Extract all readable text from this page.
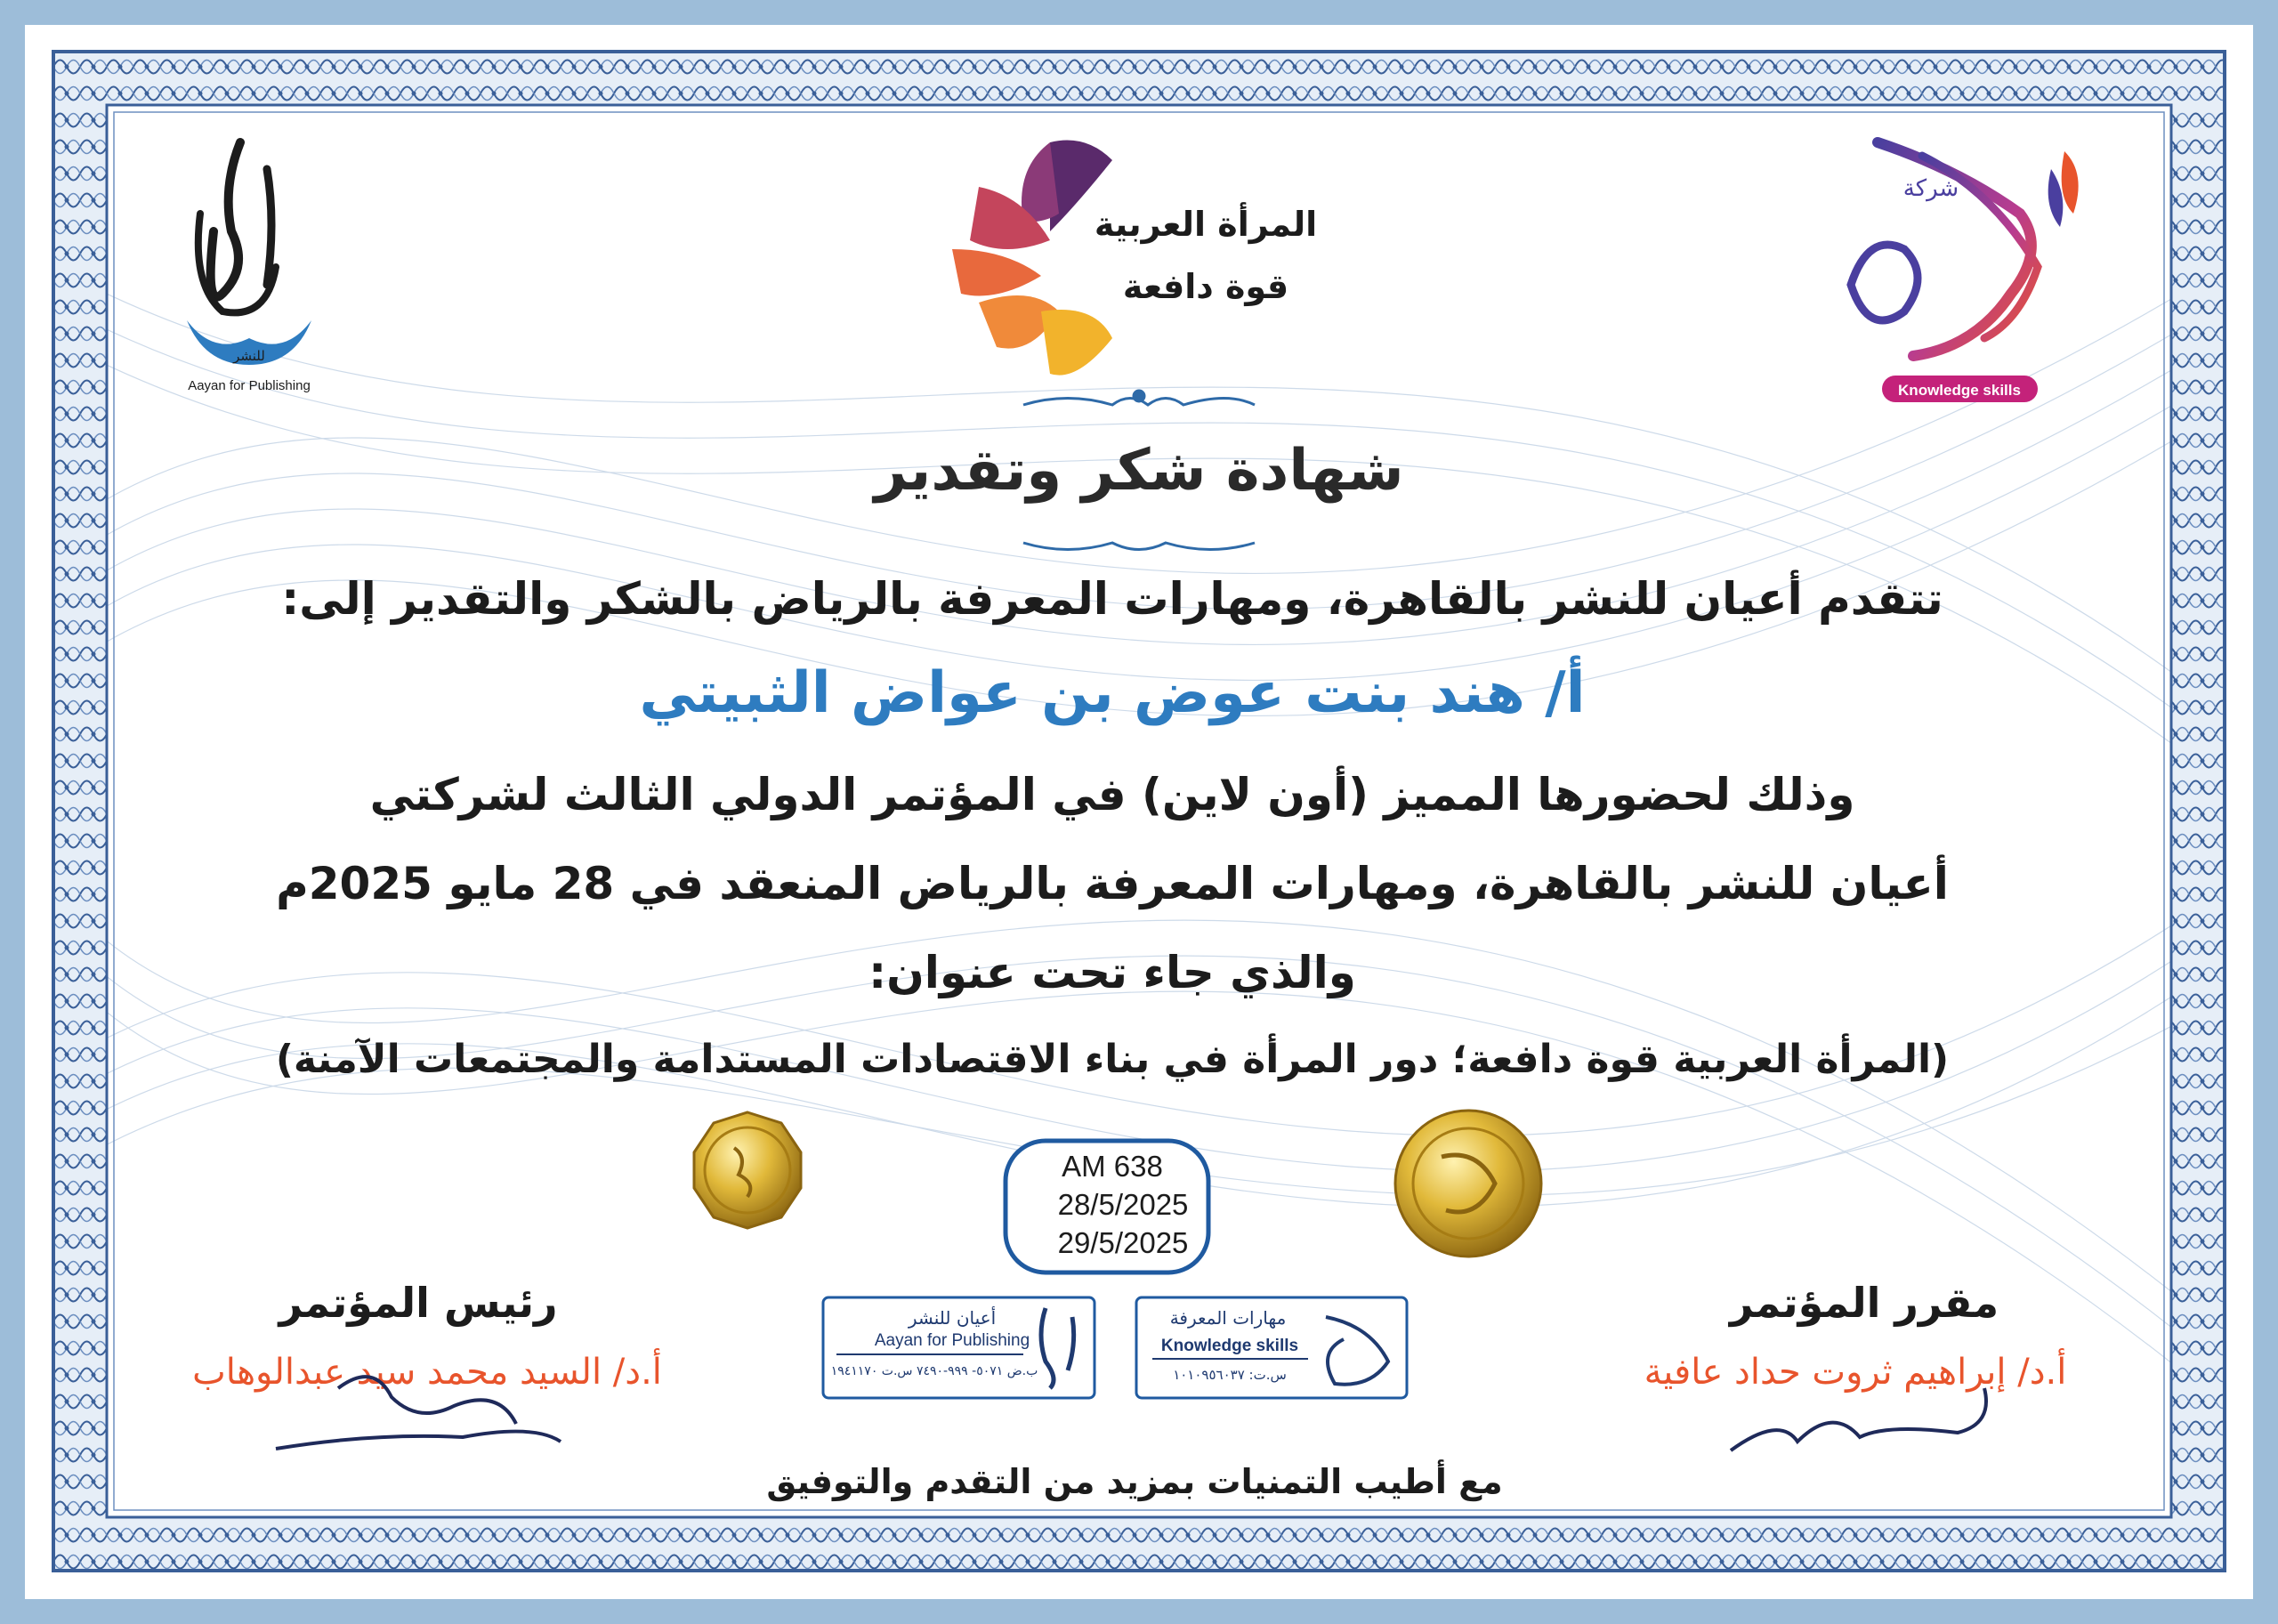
للنشر
Aayan for Publishing
المرأة العربية
قوة دافعة
شركة
Knowledge skills
شهادة شكر وتقدير
تتقدم أعيان للنشر بالقاهرة، ومهارات المعرفة بالرياض بالشكر والتقدير إلى:
أ/ هند بنت عوض بن عواض الثبيتي
وذلك لحضورها المميز (أون لاين) في المؤتمر الدولي الثالث لشركتي
أعيان للنشر بالقاهرة، ومهارات المعرفة بالرياض المنعقد في 28 مايو 2025م
والذي جاء تحت عنوان:
(المرأة العربية قوة دافعة؛ دور المرأة في بناء الاقتصادات المستدامة والمجتمعات الآمنة)
AM 638
28/5/2025
29/5/2025
مقرر المؤتمر
أ.د/ إبراهيم ثروت حداد عافية
رئيس المؤتمر
أ.د/ السيد محمد سيد عبدالوهاب
أعيان للنشر
Aayan for Publishing
ب.ض ٥٠٧١- ٩٩٩-٧٤٩٠ س.ت ١٩٤١١٧٠
مهارات المعرفة
Knowledge skills
س.ت: ١٠١٠٩٥٦٠٣٧
مع أطيب التمنيات بمزيد من التقدم والتوفيق
